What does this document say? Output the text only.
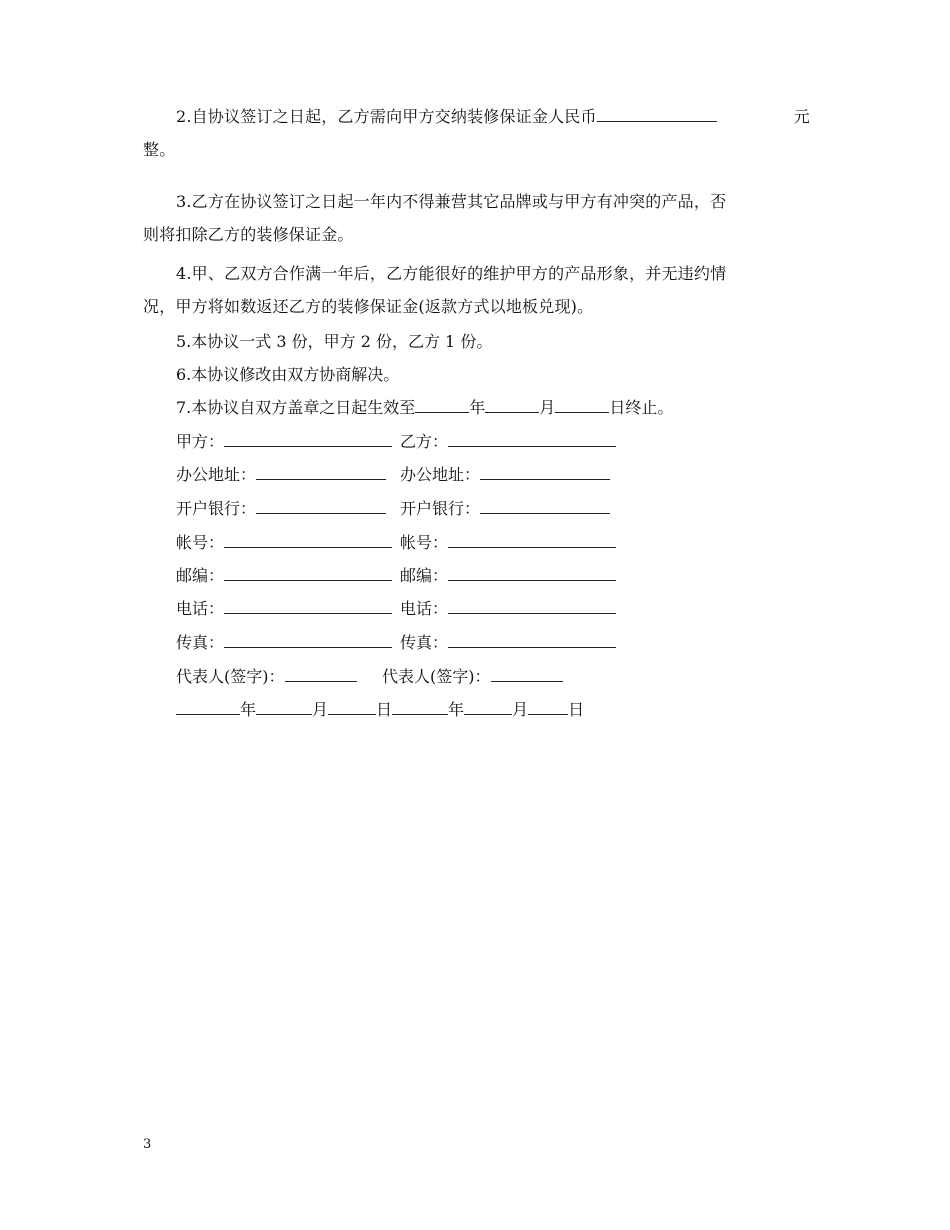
2.自协议签订之日起，乙方需向甲方交纳装修保证金人民币	元
整。
3.乙方在协议签订之日起一年内不得兼营其它品牌或与甲方有冲突的产品，否
则将扣除乙方的装修保证金。
4.甲、乙双方合作满一年后，乙方能很好的维护甲方的产品形象，并无违约情
况，甲方将如数返还乙方的装修保证金(返款方式以地板兑现)。
5.本协议一式 3 份，甲方 2 份，乙方 1 份。
6.本协议修改由双方协商解决。
7.本协议自双方盖章之日起生效至	年	月	日终止。
甲方：	乙方：
办公地址：	办公地址：
开户银行：	开户银行：
帐号：	帐号：
邮编：	邮编：
电话：	电话：
传真：	传真：
代表人(签字)：	代表人(签字)：
年	月	日	年	月	日
3
